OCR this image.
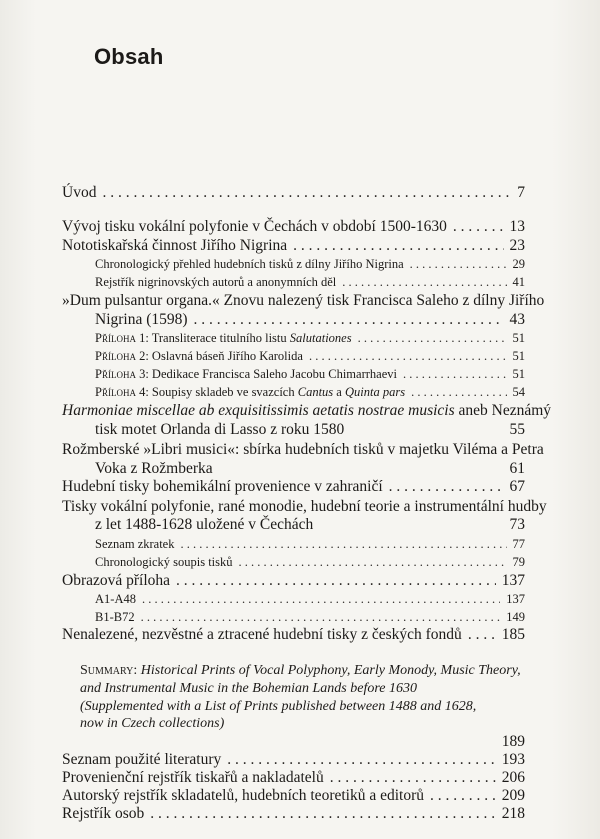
Obsah
Úvod . . .	7
Vývoj tisku vokální polyfonie v Čechách v období 1500-1630 . . .	13
Nototiskařská činnost Jiřího Nigrina . . .	23
Chronologický přehled hudebních tisků z dílny Jiřího Nigrina . . .	29
Rejstřík nigrinovských autorů a anonymních děl . . .	41
»Dum pulsantur organa.« Znovu nalezený tisk Francisca Saleho z dílny Jiřího
Nigrina (1598) . . .	43
Příloha 1: Transliterace titulního listu Salutationes . . .	51
Příloha 2: Oslavná báseň Jiřího Karolida . . .	51
Příloha 3: Dedikace Francisca Saleho Jacobu Chimarrhaevi . . .	51
Příloha 4: Soupisy skladeb ve svazcích Cantus a Quinta pars . . .	54
Harmoniae miscellae ab exquisitissimis aetatis nostrae musicis aneb Neznámý
tisk motet Orlanda di Lasso z roku 1580	55
Rožmberské »Libri musici«: sbírka hudebních tisků v majetku Viléma a Petra
Voka z Rožmberka	61
Hudební tisky bohemikální provenience v zahraničí . . .	67
Tisky vokální polyfonie, rané monodie, hudební teorie a instrumentální hudby
z let 1488-1628 uložené v Čechách	73
Seznam zkratek . . .	77
Chronologický soupis tisků . . .	79
Obrazová příloha . . .	137
A1-A48 . . .	137
B1-B72 . . .	149
Nenalezené, nezvěstné a ztracené hudební tisky z českých fondů . . .	185
Summary: Historical Prints of Vocal Polyphony, Early Monody, Music Theory,
and Instrumental Music in the Bohemian Lands before 1630
(Supplemented with a List of Prints published between 1488 and 1628,
now in Czech collections)
189
Seznam použité literatury . . .	193
Provenienční rejstřík tiskařů a nakladatelů . . .	206
Autorský rejstřík skladatelů, hudebních teoretiků a editorů . . .	209
Rejstřík osob . . .	218
